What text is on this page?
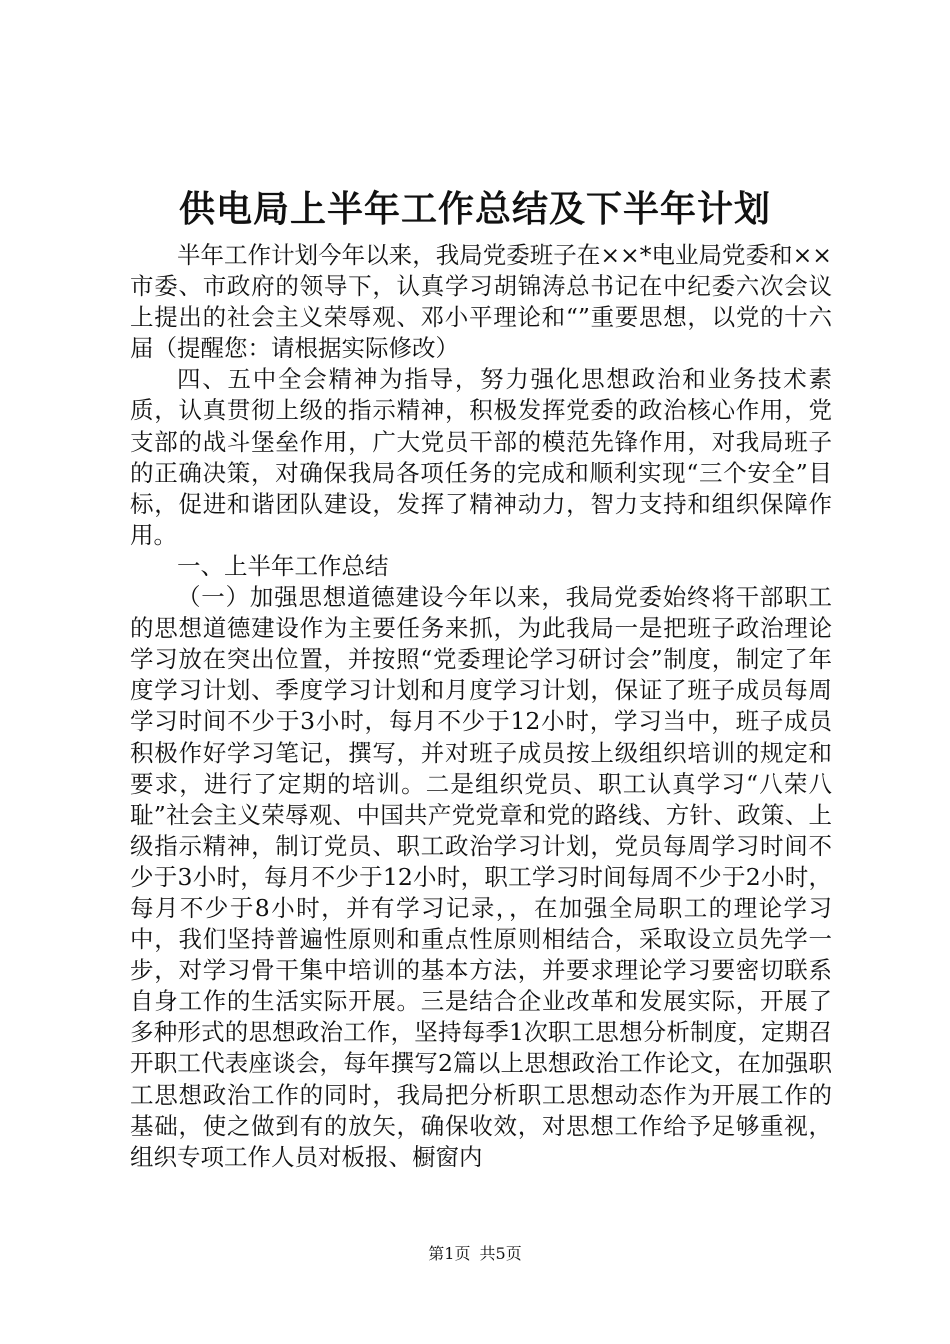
供电局上半年工作总结及下半年计划

半年工作计划今年以来，我局党委班子在××*电业局党委和××市委、市政府的领导下，认真学习胡锦涛总书记在中纪委六次会议上提出的社会主义荣辱观、邓小平理论和“”重要思想，以党的十六届（提醒您：请根据实际修改）

四、五中全会精神为指导，努力强化思想政治和业务技术素质，认真贯彻上级的指示精神，积极发挥党委的政治核心作用，党支部的战斗堡垒作用，广大党员干部的模范先锋作用，对我局班子的正确决策，对确保我局各项任务的完成和顺利实现“三个安全”目标，促进和谐团队建设，发挥了精神动力，智力支持和组织保障作用。

一、上半年工作总结

（一）加强思想道德建设今年以来，我局党委始终将干部职工的思想道德建设作为主要任务来抓，为此我局一是把班子政治理论学习放在突出位置，并按照“党委理论学习研讨会”制度，制定了年度学习计划、季度学习计划和月度学习计划，保证了班子成员每周学习时间不少于3小时，每月不少于12小时，学习当中，班子成员积极作好学习笔记，撰写，并对班子成员按上级组织培训的规定和要求，进行了定期的培训。二是组织党员、职工认真学习“八荣八耻”社会主义荣辱观、中国共产党党章和党的路线、方针、政策、上级指示精神，制订党员、职工政治学习计划，党员每周学习时间不少于3小时，每月不少于12小时，职工学习时间每周不少于2小时，每月不少于8小时，并有学习记录，，在加强全局职工的理论学习中，我们坚持普遍性原则和重点性原则相结合，采取设立员先学一步，对学习骨干集中培训的基本方法，并要求理论学习要密切联系自身工作的生活实际开展。三是结合企业改革和发展实际，开展了多种形式的思想政治工作，坚持每季1次职工思想分析制度，定期召开职工代表座谈会，每年撰写2篇以上思想政治工作论文，在加强职工思想政治工作的同时，我局把分析职工思想动态作为开展工作的基础，使之做到有的放矢，确保收效，对思想工作给予足够重视，组织专项工作人员对板报、橱窗内

第1页 共5页
